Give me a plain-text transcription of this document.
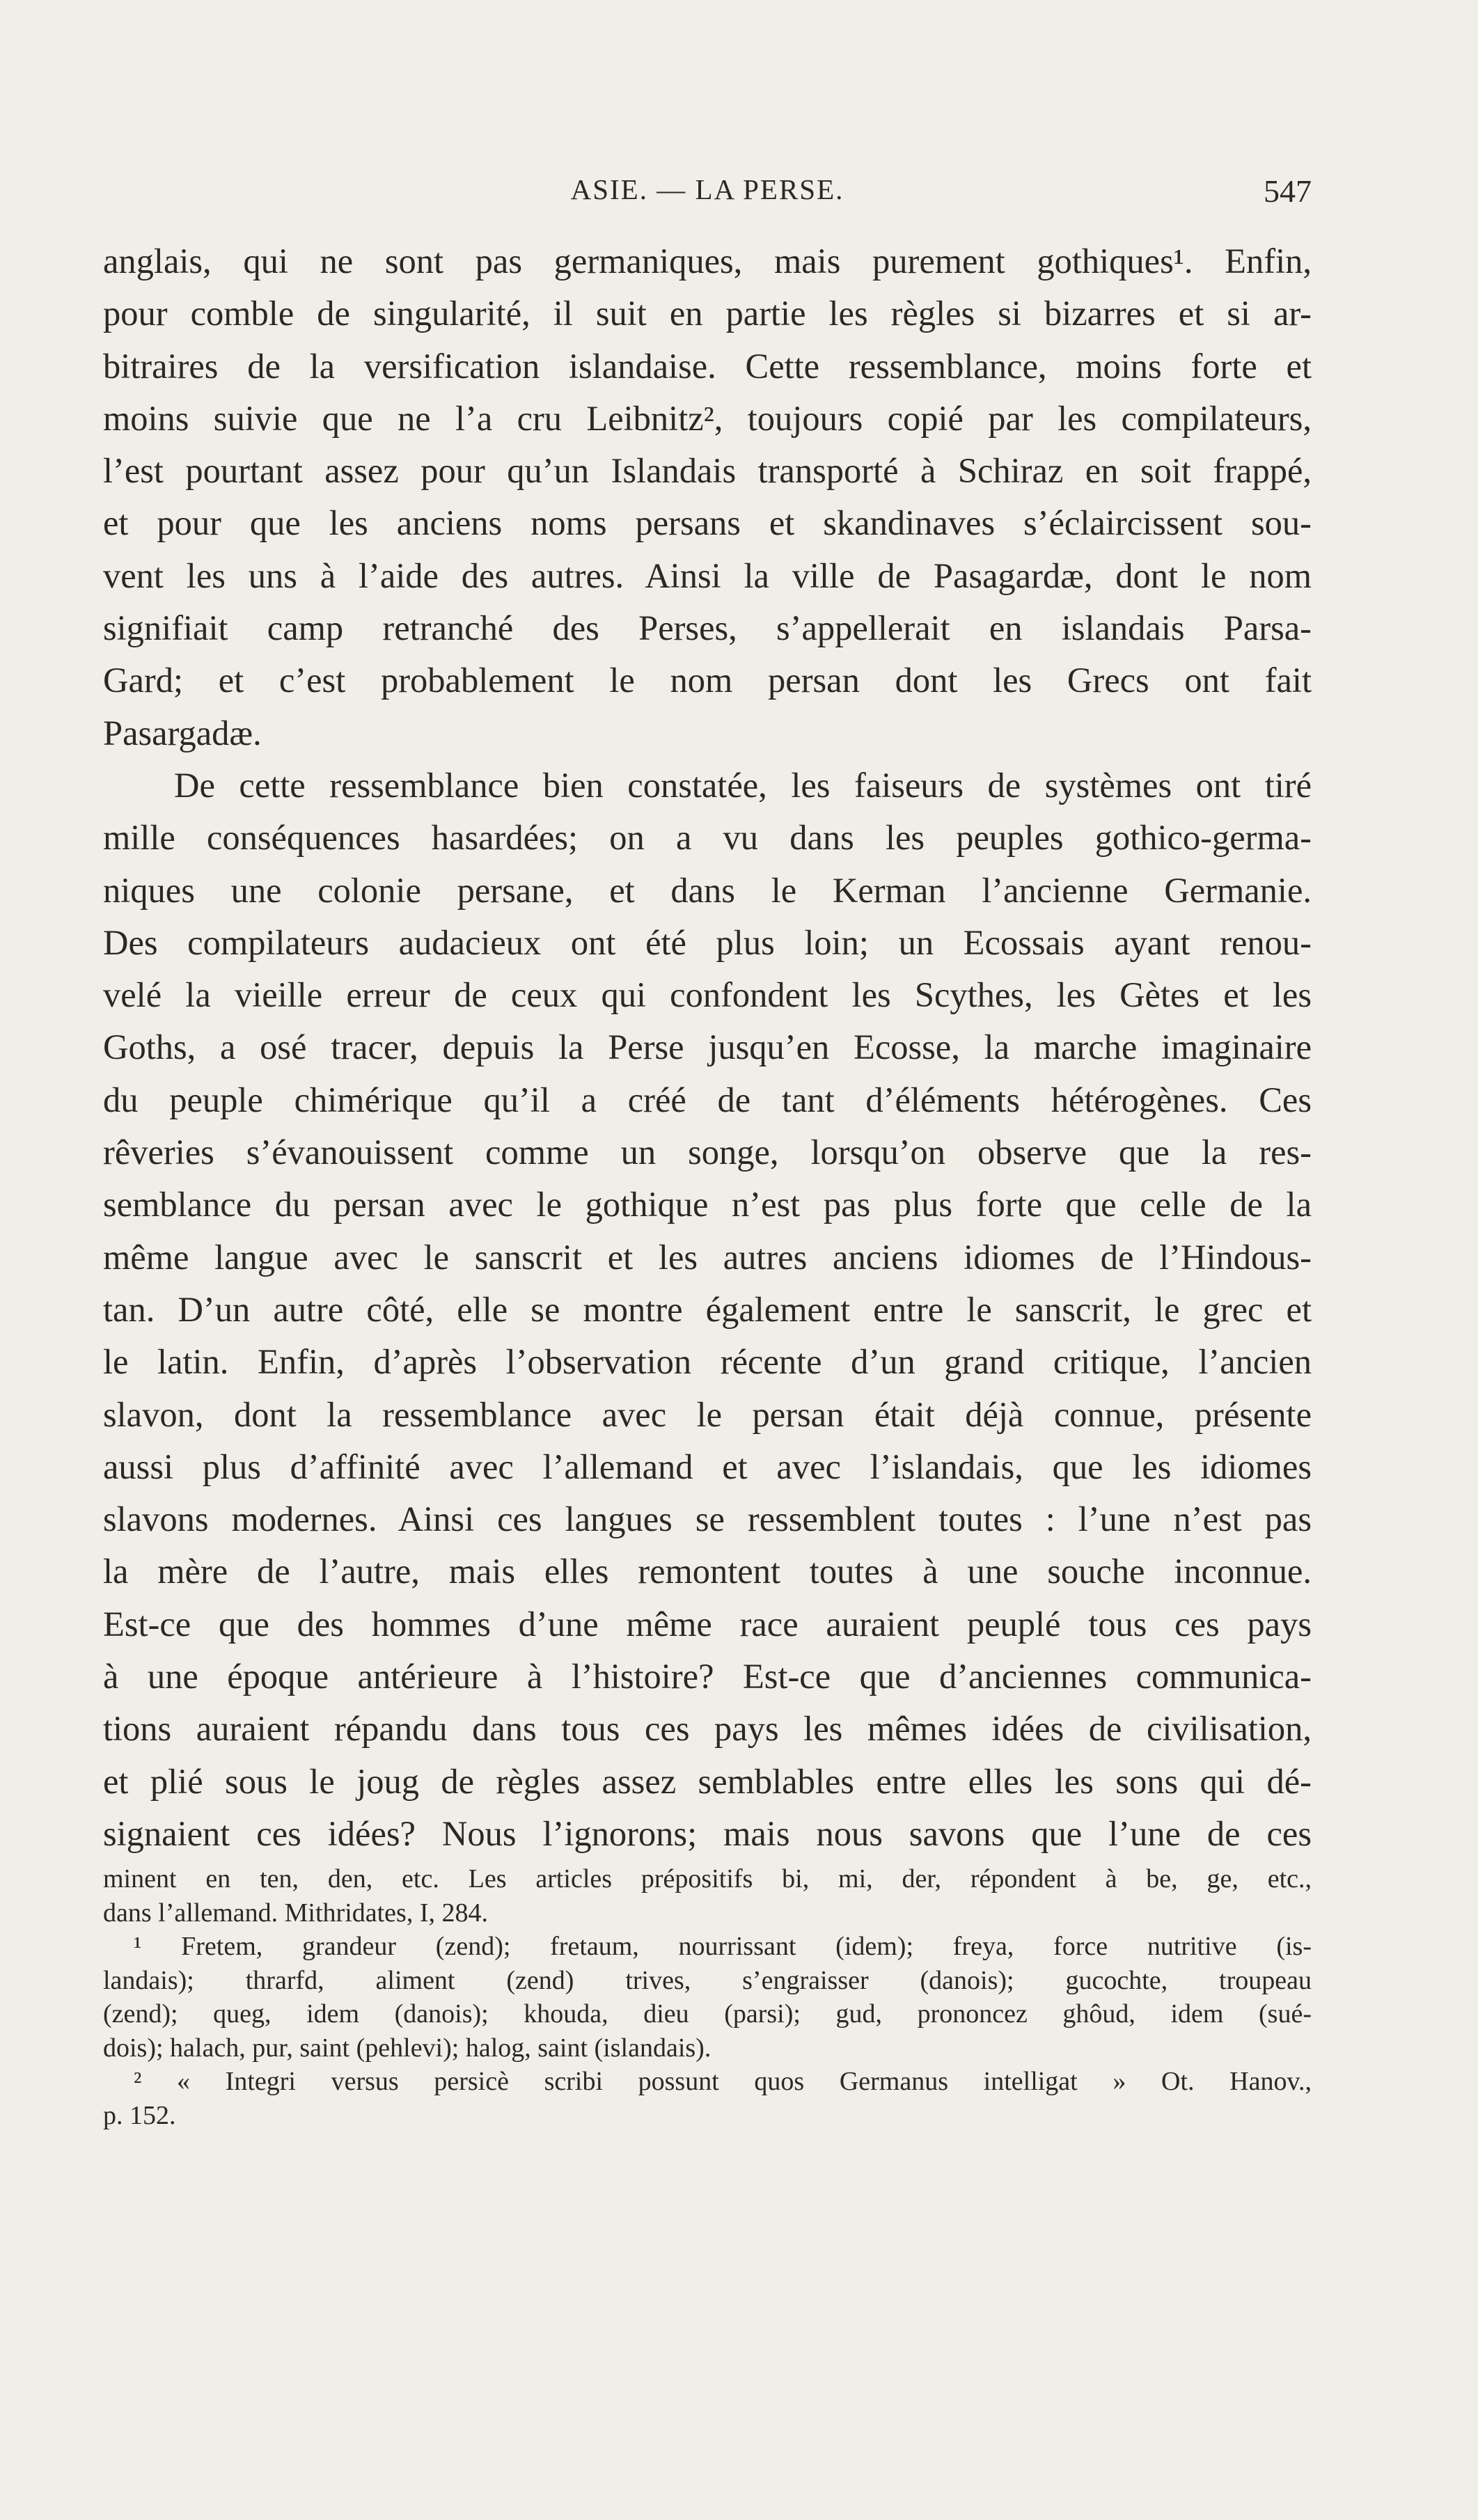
ASIE. — LA PERSE.	547

anglais, qui ne sont pas germaniques, mais purement gothiques¹. Enfin,
pour comble de singularité, il suit en partie les règles si bizarres et si ar-
bitraires de la versification islandaise. Cette ressemblance, moins forte et
moins suivie que ne l’a cru Leibnitz², toujours copié par les compilateurs,
l’est pourtant assez pour qu’un Islandais transporté à Schiraz en soit frappé,
et pour que les anciens noms persans et skandinaves s’éclaircissent sou-
vent les uns à l’aide des autres. Ainsi la ville de Pasagardæ, dont le nom
signifiait camp retranché des Perses, s’appellerait en islandais Parsa-
Gard; et c’est probablement le nom persan dont les Grecs ont fait
Pasargadæ.

De cette ressemblance bien constatée, les faiseurs de systèmes ont tiré
mille conséquences hasardées; on a vu dans les peuples gothico-germa-
niques une colonie persane, et dans le Kerman l’ancienne Germanie.
Des compilateurs audacieux ont été plus loin; un Ecossais ayant renou-
velé la vieille erreur de ceux qui confondent les Scythes, les Gètes et les
Goths, a osé tracer, depuis la Perse jusqu’en Ecosse, la marche imaginaire
du peuple chimérique qu’il a créé de tant d’éléments hétérogènes. Ces
rêveries s’évanouissent comme un songe, lorsqu’on observe que la res-
semblance du persan avec le gothique n’est pas plus forte que celle de la
même langue avec le sanscrit et les autres anciens idiomes de l’Hindous-
tan. D’un autre côté, elle se montre également entre le sanscrit, le grec et
le latin. Enfin, d’après l’observation récente d’un grand critique, l’ancien
slavon, dont la ressemblance avec le persan était déjà connue, présente
aussi plus d’affinité avec l’allemand et avec l’islandais, que les idiomes
slavons modernes. Ainsi ces langues se ressemblent toutes : l’une n’est pas
la mère de l’autre, mais elles remontent toutes à une souche inconnue.
Est-ce que des hommes d’une même race auraient peuplé tous ces pays
à une époque antérieure à l’histoire? Est-ce que d’anciennes communica-
tions auraient répandu dans tous ces pays les mêmes idées de civilisation,
et plié sous le joug de règles assez semblables entre elles les sons qui dé-
signaient ces idées? Nous l’ignorons; mais nous savons que l’une de ces

minent en ten, den, etc. Les articles prépositifs bi, mi, der, répondent à be, ge, etc.,
dans l’allemand. Mithridates, I, 284.
¹ Fretem, grandeur (zend); fretaum, nourrissant (idem); freya, force nutritive (is-
landais); thrarfd, aliment (zend) trives, s’engraisser (danois); gucochte, troupeau
(zend); queg, idem (danois); khouda, dieu (parsi); gud, prononcez ghôud, idem (sué-
dois); halach, pur, saint (pehlevi); halog, saint (islandais).
² « Integri versus persicè scribi possunt quos Germanus intelligat » Ot. Hanov.,
p. 152.
